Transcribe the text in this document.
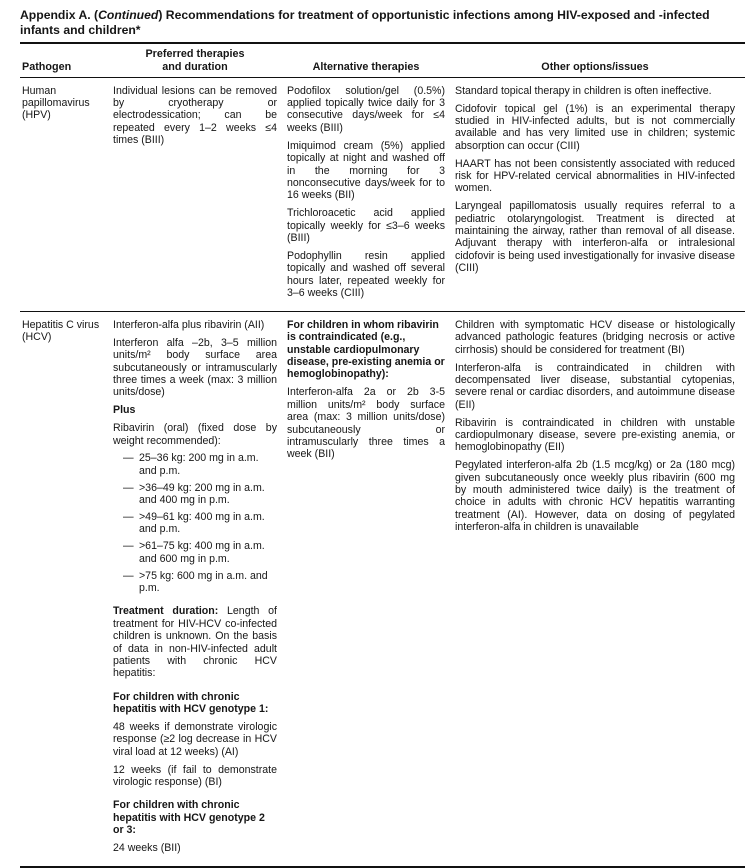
Appendix A. (Continued) Recommendations for treatment of opportunistic infections among HIV-exposed and -infected infants and children*
Pathogen
Preferred therapies
and duration	Alternative therapies	Other options/issues

Human papillomavirus (HPV)

Individual lesions can be removed by cryotherapy or electrodessication; can be repeated every 1–2 weeks ≤4 times (BIII)

Podofilox solution/gel (0.5%) applied topically twice daily for 3 consecutive days/week for ≤4 weeks (BIII)

Imiquimod cream (5%) applied topically at night and washed off in the morning for 3 nonconsecutive days/week for to 16 weeks (BII)

Trichloroacetic acid applied topically weekly for ≤3–6 weeks (BIII)

Podophyllin resin applied topically and washed off several hours later, repeated weekly for 3–6 weeks (CIII)

Standard topical therapy in children is often ineffective.

Cidofovir topical gel (1%) is an experimental therapy studied in HIV-infected adults, but is not commercially available and has very limited use in children; systemic absorption can occur (CIII)

HAART has not been consistently associated with reduced risk for HPV-related cervical abnormalities in HIV-infected women.

Laryngeal papillomatosis usually requires referral to a pediatric otolaryngologist. Treatment is directed at maintaining the airway, rather than removal of all disease. Adjuvant therapy with interferon-alfa or intralesional cidofovir is being used investigationally for invasive disease (CIII)

Hepatitis C virus (HCV)

Interferon-alfa plus ribavirin (AII)

Interferon alfa –2b, 3–5 million units/m² body surface area subcutaneously or intramuscularly three times a week (max: 3 million units/dose)

Plus

Ribavirin (oral) (fixed dose by weight recommended):

— 25–36 kg: 200 mg in a.m. and p.m.
— >36–49 kg: 200 mg in a.m. and 400 mg in p.m.
— >49–61 kg: 400 mg in a.m. and p.m.
— >61–75 kg: 400 mg in a.m. and 600 mg in p.m.
— >75 kg: 600 mg in a.m. and p.m.

Treatment duration: Length of treatment for HIV-HCV co-infected children is unknown. On the basis of data in non-HIV-infected adult patients with chronic HCV hepatitis:

For children with chronic hepatitis with HCV genotype 1:

48 weeks if demonstrate virologic response (≥2 log decrease in HCV viral load at 12 weeks) (AI)

12 weeks (if fail to demonstrate virologic response) (BI)

For children with chronic hepatitis with HCV genotype 2 or 3:

24 weeks (BII)

For children in whom ribavirin is contraindicated (e.g., unstable cardiopulmonary disease, pre-existing anemia or hemoglobinopathy):

Interferon-alfa 2a or 2b 3-5 million units/m² body surface area (max: 3 million units/dose) subcutaneously or intramuscularly three times a week (BII)

Children with symptomatic HCV disease or histologically advanced pathologic features (bridging necrosis or active cirrhosis) should be considered for treatment (BI)

Interferon-alfa is contraindicated in children with decompensated liver disease, substantial cytopenias, severe renal or cardiac disorders, and autoimmune disease (EII)

Ribavirin is contraindicated in children with unstable cardiopulmonary disease, severe pre-existing anemia, or hemoglobinopathy (EII)

Pegylated interferon-alfa 2b (1.5 mcg/kg) or 2a (180 mcg) given subcutaneously once weekly plus ribavirin (600 mg by mouth administered twice daily) is the treatment of choice in adults with chronic HCV hepatitis warranting treatment (AI). However, data on dosing of pegylated interferon-alfa in children is unavailable
